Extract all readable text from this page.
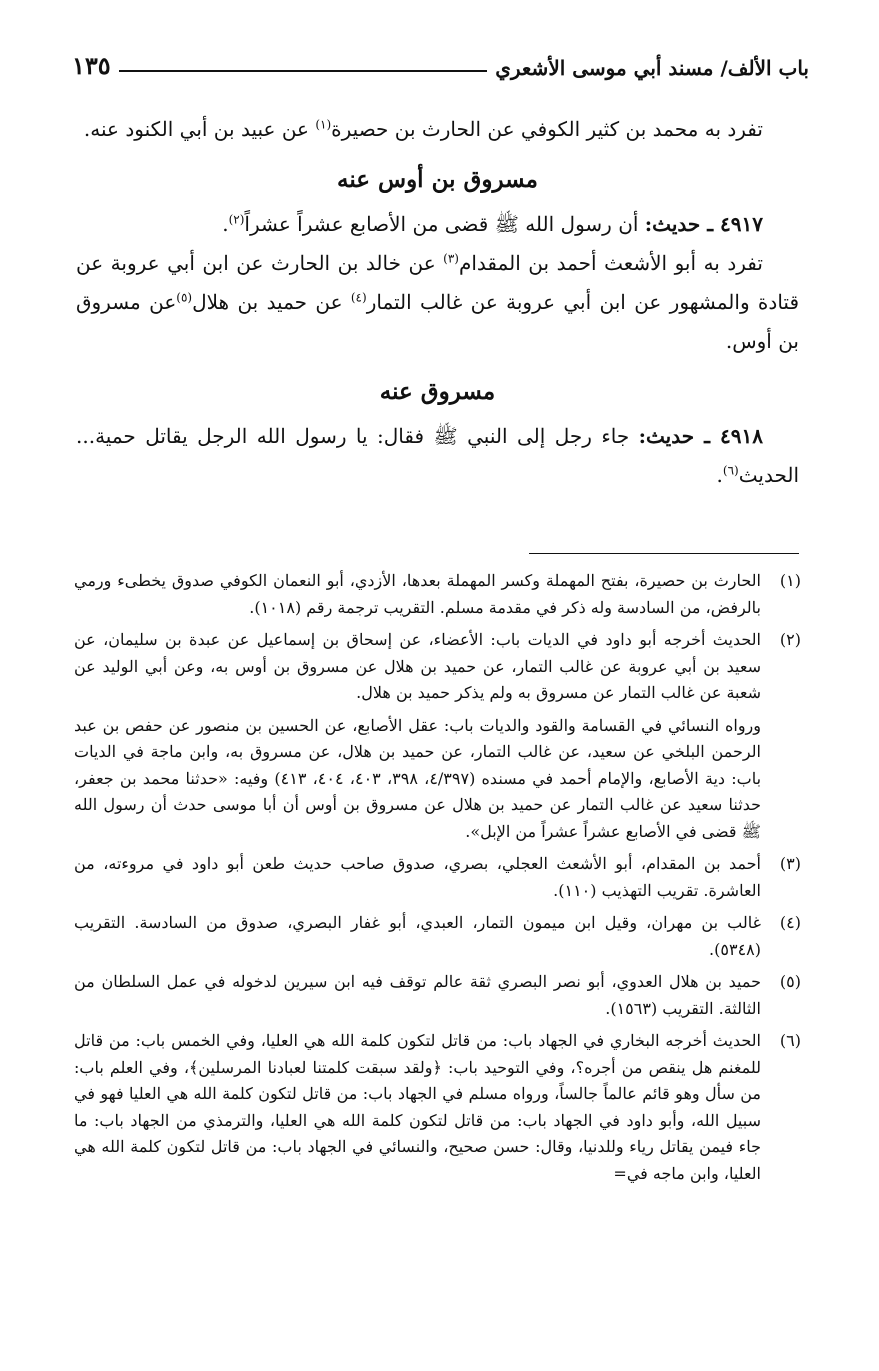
باب الألف/ مسند أبي موسى الأشعري
١٣٥

تفرد به محمد بن كثير الكوفي عن الحارث بن حصيرة$^{(١)}$ عن عبيد بن أبي الكنود عنه.

مسروق بن أوس عنه

٤٩١٧ ـ حديث: أن رسول الله ﷺ قضى من الأصابع عشراً عشراً$^{(٢)}$.

تفرد به أبو الأشعث أحمد بن المقدام$^{(٣)}$ عن خالد بن الحارث عن ابن أبي عروبة عن قتادة والمشهور عن ابن أبي عروبة عن غالب التمار$^{(٤)}$ عن حميد بن هلال$^{(٥)}$عن مسروق بن أوس.

مسروق عنه

٤٩١٨ ـ حديث: جاء رجل إلى النبي ﷺ فقال: يا رسول الله الرجل يقاتل حمية... الحديث$^{(٦)}$.

(١)

الحارث بن حصيرة، بفتح المهملة وكسر المهملة بعدها، الأزدي، أبو النعمان الكوفي صدوق يخطىء ورمي بالرفض، من السادسة وله ذكر في مقدمة مسلم. التقريب ترجمة رقم (١٠١٨).

(٢)

الحديث أخرجه أبو داود في الديات باب: الأعضاء، عن إسحاق بن إسماعيل عن عبدة بن سليمان، عن سعيد بن أبي عروبة عن غالب التمار، عن حميد بن هلال عن مسروق بن أوس به، وعن أبي الوليد عن شعبة عن غالب التمار عن مسروق به ولم يذكر حميد بن هلال.

ورواه النسائي في القسامة والقود والديات باب: عقل الأصابع، عن الحسين بن منصور عن حفص بن عبد الرحمن البلخي عن سعيد، عن غالب التمار، عن حميد بن هلال، عن مسروق به، وابن ماجة في الديات باب: دية الأصابع، والإمام أحمد في مسنده (٤/٣٩٧، ٣٩٨، ٤٠٣، ٤٠٤، ٤١٣) وفيه: «حدثنا محمد بن جعفر، حدثنا سعيد عن غالب التمار عن حميد بن هلال عن مسروق بن أوس أن أبا موسى حدث أن رسول الله ﷺ قضى في الأصابع عشراً عشراً من الإبل».

(٣)

أحمد بن المقدام، أبو الأشعث العجلي، بصري، صدوق صاحب حديث طعن أبو داود في مروءته، من العاشرة. تقريب التهذيب (١١٠).

(٤)

غالب بن مهران، وقيل ابن ميمون التمار، العبدي، أبو غفار البصري، صدوق من السادسة. التقريب (٥٣٤٨).

(٥)

حميد بن هلال العدوي، أبو نصر البصري ثقة عالم توقف فيه ابن سيرين لدخوله في عمل السلطان من الثالثة. التقريب (١٥٦٣).

(٦)

الحديث أخرجه البخاري في الجهاد باب: من قاتل لتكون كلمة الله هي العليا، وفي الخمس باب: من قاتل للمغنم هل ينقص من أجره؟، وفي التوحيد باب: ﴿ولقد سبقت كلمتنا لعبادنا المرسلين﴾، وفي العلم باب: من سأل وهو قائم عالماً جالساً، ورواه مسلم في الجهاد باب: من قاتل لتكون كلمة الله هي العليا فهو في سبيل الله، وأبو داود في الجهاد باب: من قاتل لتكون كلمة الله هي العليا، والترمذي من الجهاد باب: ما جاء فيمن يقاتل رياء وللدنيا، وقال: حسن صحيح، والنسائي في الجهاد باب: من قاتل لتكون كلمة الله هي العليا، وابن ماجه في=
